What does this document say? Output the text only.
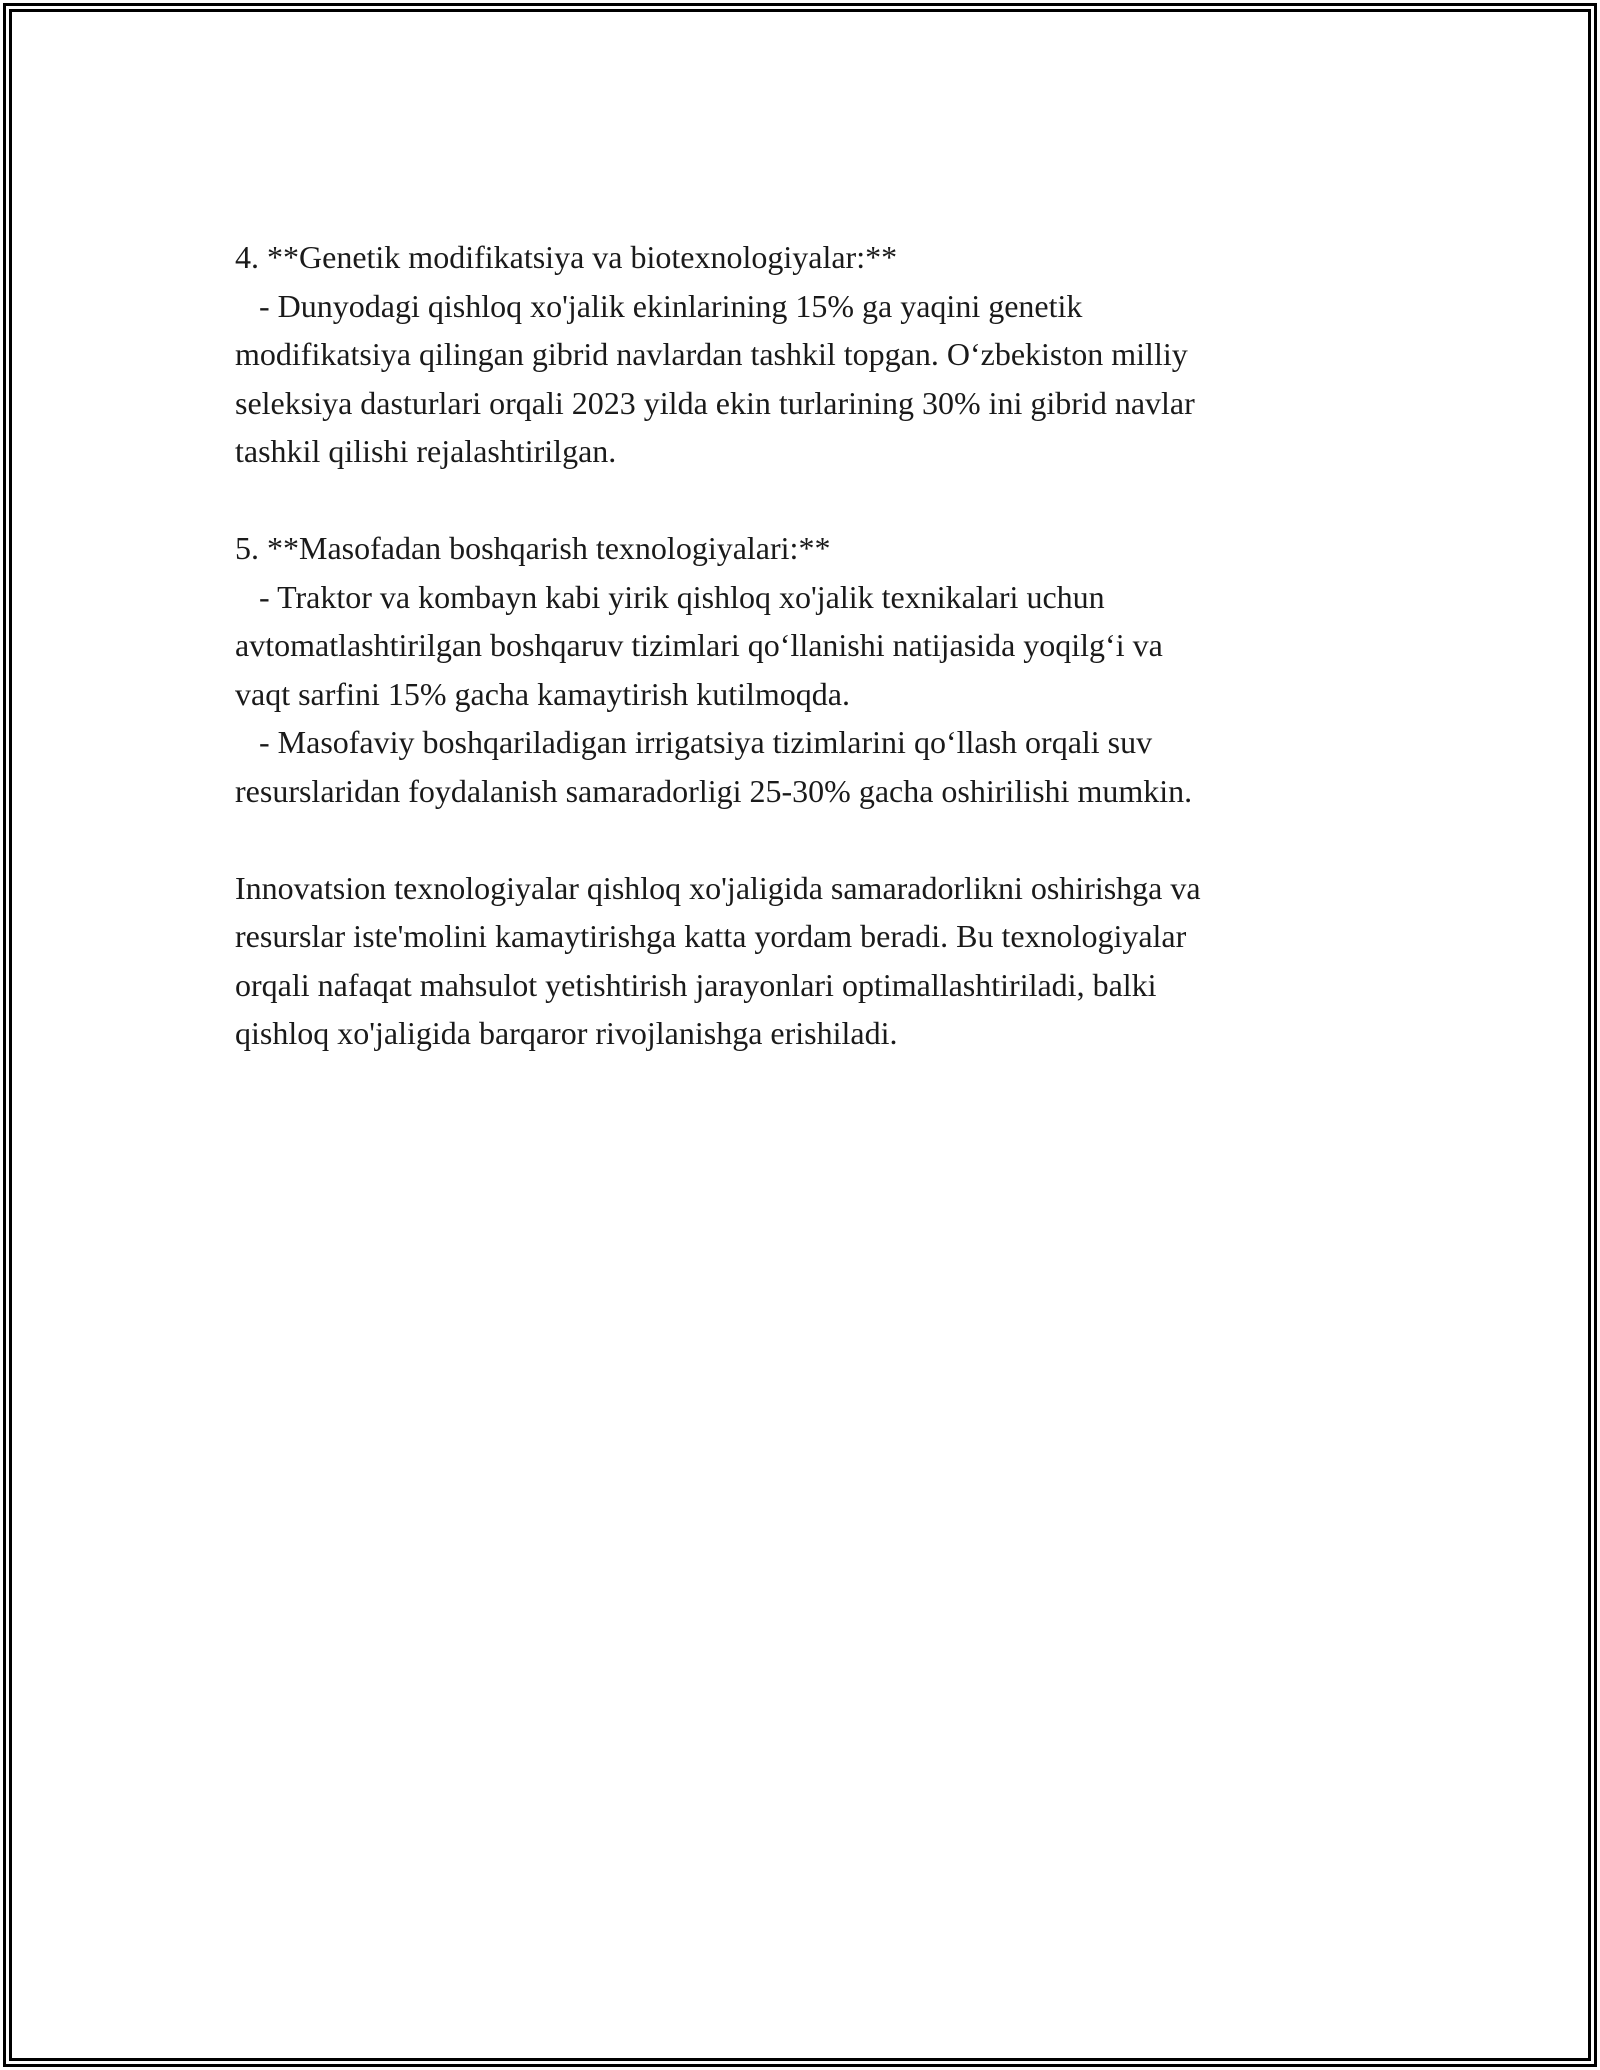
4. **Genetik modifikatsiya va biotexnologiyalar:**
- Dunyodagi qishloq xo'jalik ekinlarining 15% ga yaqini genetik
modifikatsiya qilingan gibrid navlardan tashkil topgan. O‘zbekiston milliy
seleksiya dasturlari orqali 2023 yilda ekin turlarining 30% ini gibrid navlar
tashkil qilishi rejalashtirilgan.
5. **Masofadan boshqarish texnologiyalari:**
- Traktor va kombayn kabi yirik qishloq xo'jalik texnikalari uchun
avtomatlashtirilgan boshqaruv tizimlari qo‘llanishi natijasida yoqilg‘i va
vaqt sarfini 15% gacha kamaytirish kutilmoqda.
- Masofaviy boshqariladigan irrigatsiya tizimlarini qo‘llash orqali suv
resurslaridan foydalanish samaradorligi 25-30% gacha oshirilishi mumkin.
Innovatsion texnologiyalar qishloq xo'jaligida samaradorlikni oshirishga va
resurslar iste'molini kamaytirishga katta yordam beradi. Bu texnologiyalar
orqali nafaqat mahsulot yetishtirish jarayonlari optimallashtiriladi, balki
qishloq xo'jaligida barqaror rivojlanishga erishiladi.
